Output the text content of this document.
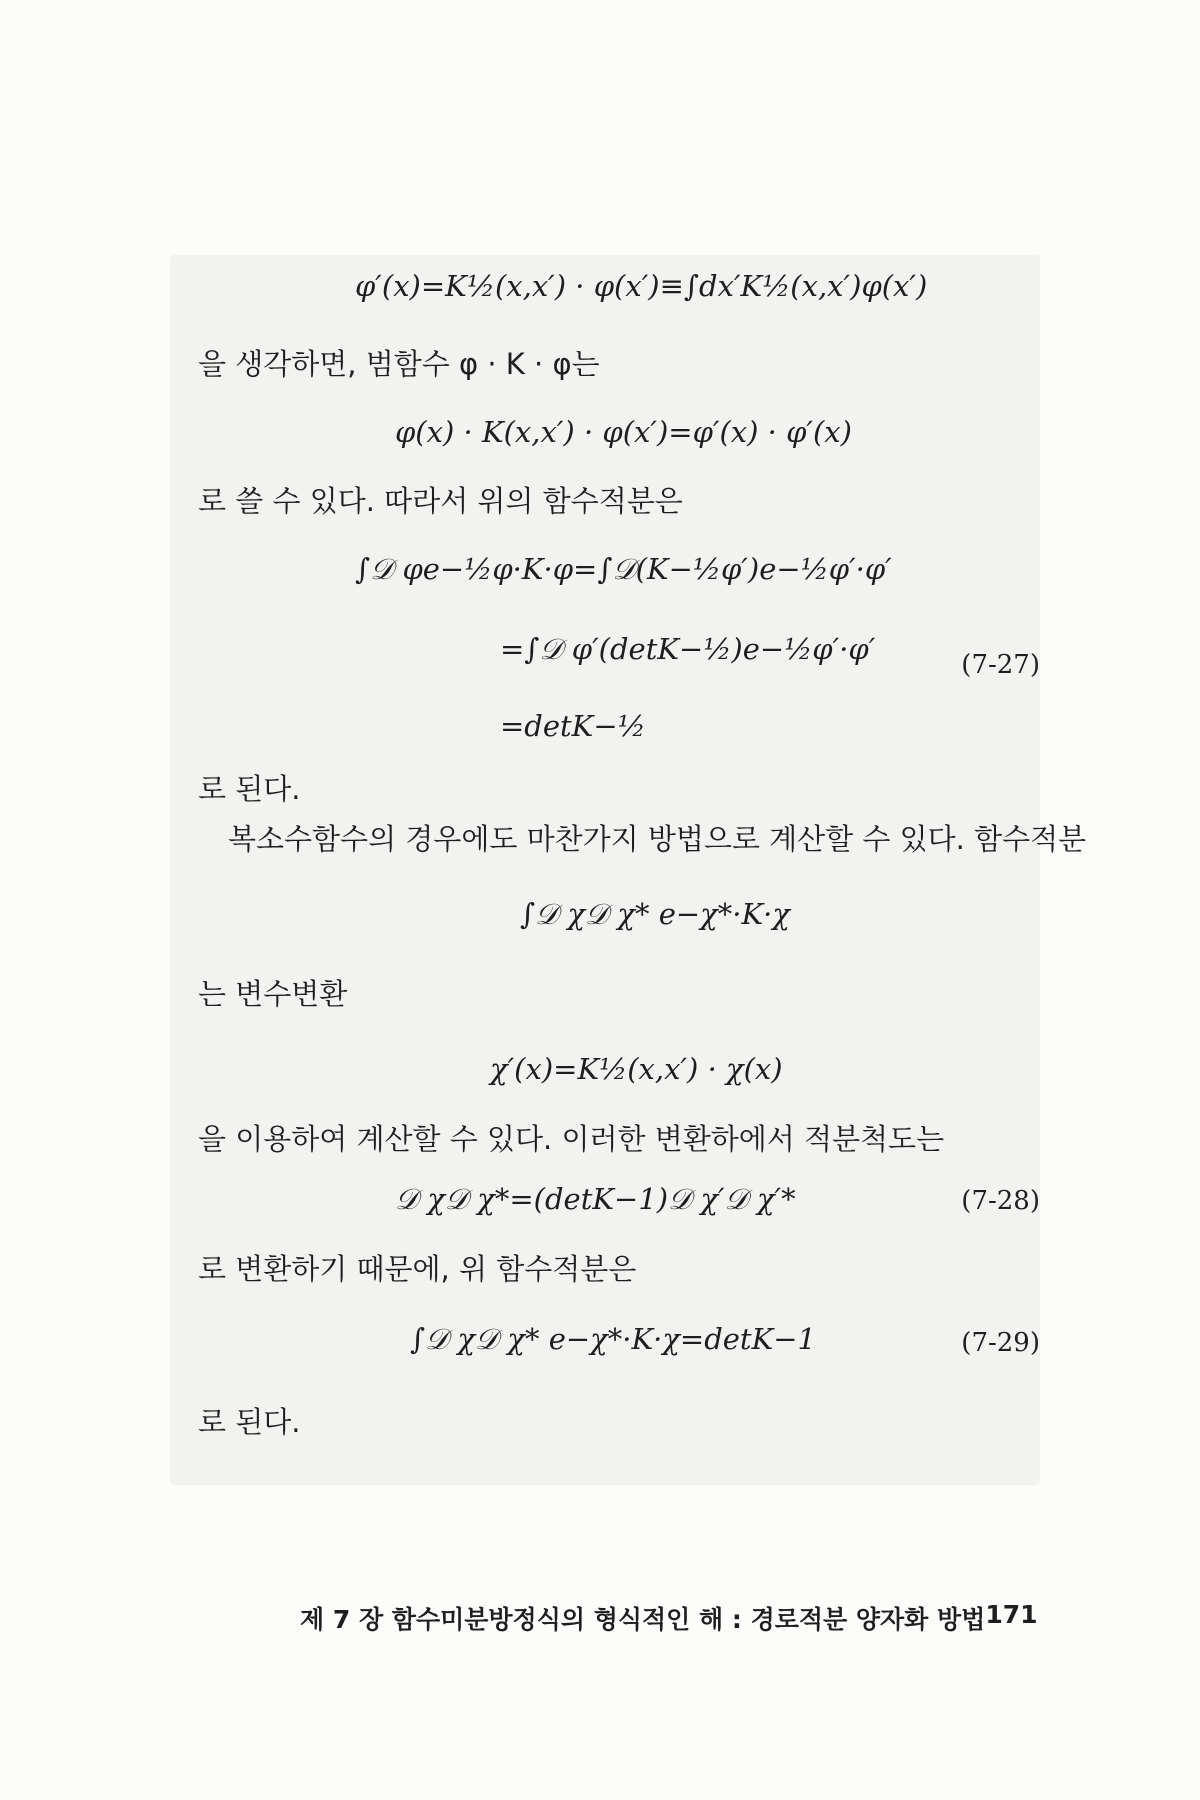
φ′(x)=K½(x,x′) · φ(x′)≡∫dx′K½(x,x′)φ(x′)
을 생각하면, 범함수 φ · K · φ는
φ(x) · K(x,x′) · φ(x′)=φ′(x) · φ′(x)
로 쓸 수 있다. 따라서 위의 함수적분은
∫𝒟 φe−½φ·K·φ=∫𝒟(K−½φ′)e−½φ′·φ′
=∫𝒟 φ′(detK−½)e−½φ′·φ′	(7-27)
=detK−½
로 된다.
복소수함수의 경우에도 마찬가지 방법으로 계산할 수 있다. 함수적분
∫𝒟 χ𝒟 χ* e−χ*·K·χ
는 변수변환
χ′(x)=K½(x,x′) · χ(x)
을 이용하여 계산할 수 있다. 이러한 변환하에서 적분척도는
𝒟 χ𝒟 χ*=(detK−1)𝒟 χ′𝒟 χ′*	(7-28)
로 변환하기 때문에, 위 함수적분은
∫𝒟 χ𝒟 χ* e−χ*·K·χ=detK−1	(7-29)
로 된다.
제 7 장 함수미분방정식의 형식적인 해 : 경로적분 양자화 방법 171
